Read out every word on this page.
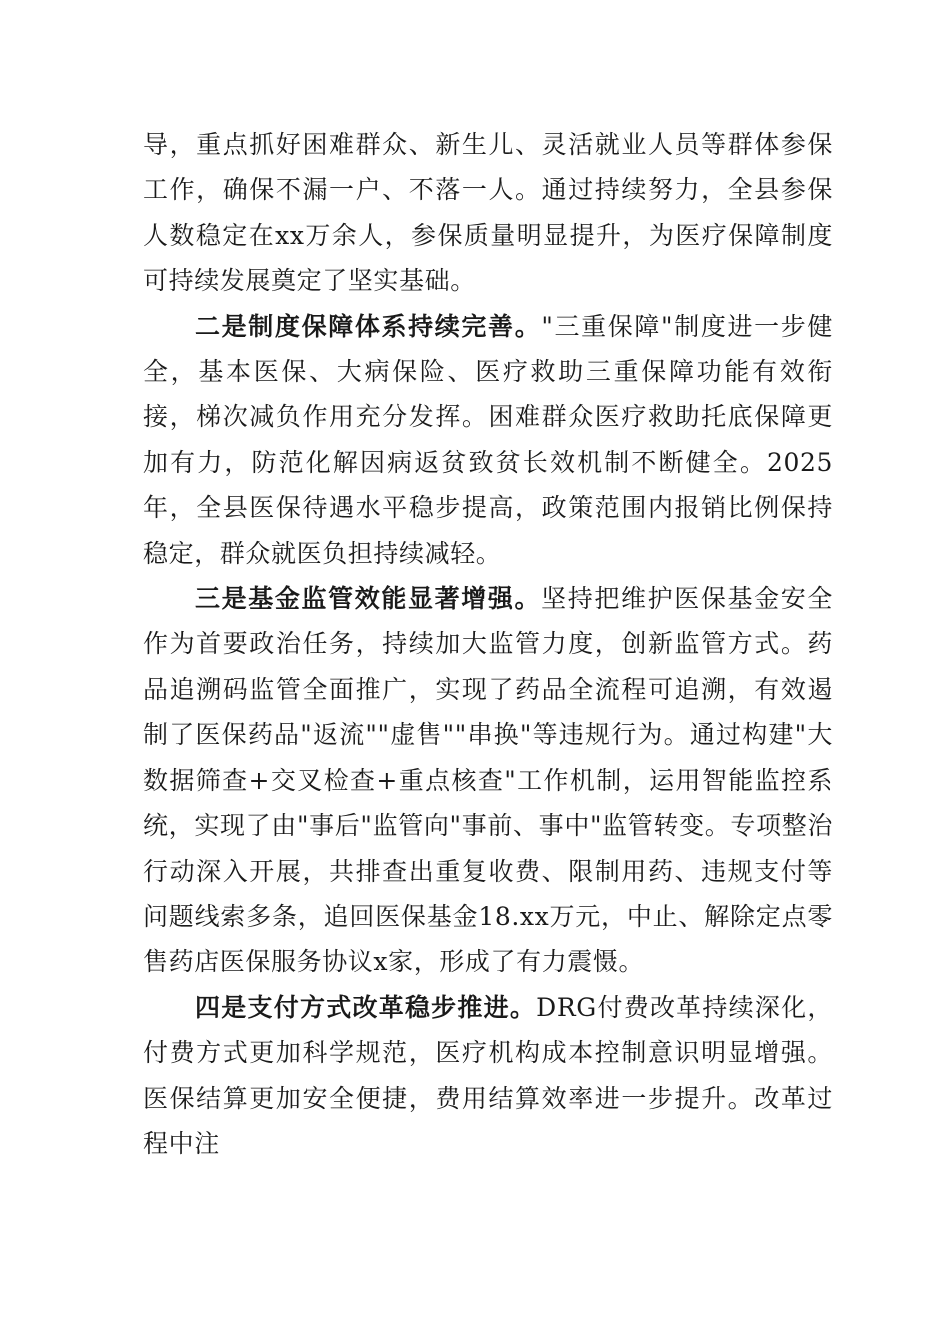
导，重点抓好困难群众、新生儿、灵活就业人员等群体参保工作，确保不漏一户、不落一人。通过持续努力，全县参保人数稳定在xx万余人，参保质量明显提升，为医疗保障制度可持续发展奠定了坚实基础。

二是制度保障体系持续完善。"三重保障"制度进一步健全，基本医保、大病保险、医疗救助三重保障功能有效衔接，梯次减负作用充分发挥。困难群众医疗救助托底保障更加有力，防范化解因病返贫致贫长效机制不断健全。2025年，全县医保待遇水平稳步提高，政策范围内报销比例保持稳定，群众就医负担持续减轻。

三是基金监管效能显著增强。坚持把维护医保基金安全作为首要政治任务，持续加大监管力度，创新监管方式。药品追溯码监管全面推广，实现了药品全流程可追溯，有效遏制了医保药品"返流""虚售""串换"等违规行为。通过构建"大数据筛查+交叉检查+重点核查"工作机制，运用智能监控系统，实现了由"事后"监管向"事前、事中"监管转变。专项整治行动深入开展，共排查出重复收费、限制用药、违规支付等问题线索多条，追回医保基金18.xx万元，中止、解除定点零售药店医保服务协议x家，形成了有力震慑。

四是支付方式改革稳步推进。DRG付费改革持续深化，付费方式更加科学规范，医疗机构成本控制意识明显增强。医保结算更加安全便捷，费用结算效率进一步提升。改革过程中注
